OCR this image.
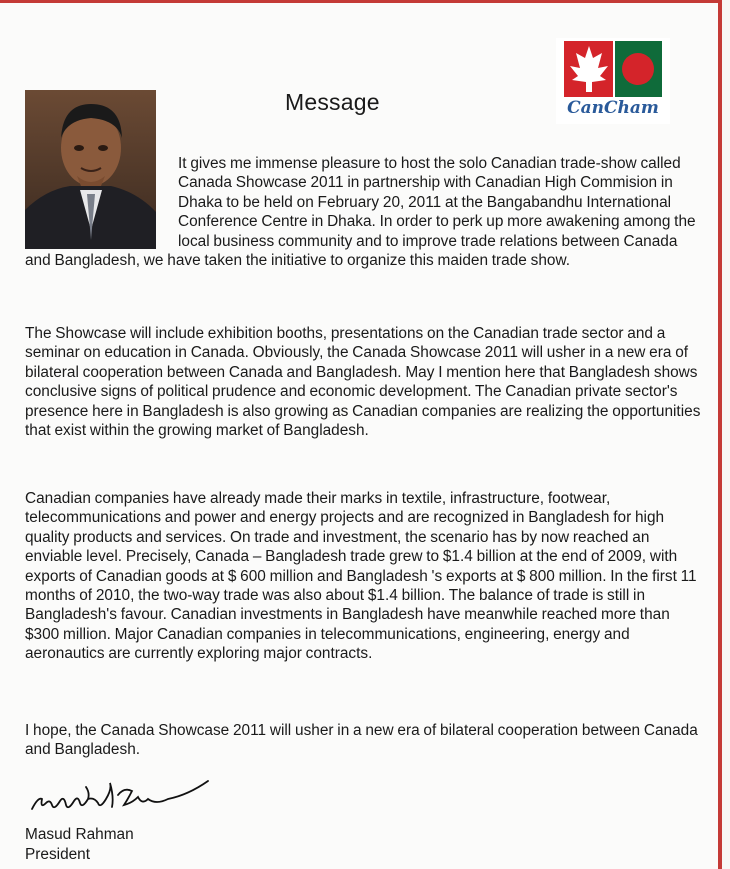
Message	CanCham

It gives me immense pleasure to host the solo Canadian trade-show called Canada Showcase 2011 in partnership with Canadian High Commision in Dhaka to be held on February 20, 2011 at the Bangabandhu International Conference Centre in Dhaka. In order to perk up more awakening among the local business community and to improve trade relations between Canada and Bangladesh, we have taken the initiative to organize this maiden trade show.

The Showcase will include exhibition booths, presentations on the Canadian trade sector and a seminar on education in Canada. Obviously, the Canada Showcase 2011 will usher in a new era of bilateral cooperation between Canada and Bangladesh. May I mention here that Bangladesh shows conclusive signs of political prudence and economic development. The Canadian private sector's presence here in Bangladesh is also growing as Canadian companies are realizing the opportunities that exist within the growing market of Bangladesh.

Canadian companies have already made their marks in textile, infrastructure, footwear, telecommunications and power and energy projects and are recognized in Bangladesh for high quality products and services. On trade and investment, the scenario has by now reached an enviable level. Precisely, Canada – Bangladesh trade grew to $1.4 billion at the end of 2009, with exports of Canadian goods at $ 600 million and Bangladesh 's exports at $ 800 million. In the first 11 months of 2010, the two-way trade was also about $1.4 billion. The balance of trade is still in Bangladesh's favour. Canadian investments in Bangladesh have meanwhile reached more than $300 million. Major Canadian companies in telecommunications, engineering, energy and aeronautics are currently exploring major contracts.

I hope, the Canada Showcase 2011 will usher in a new era of bilateral cooperation between Canada and Bangladesh.

Masud Rahman
President
